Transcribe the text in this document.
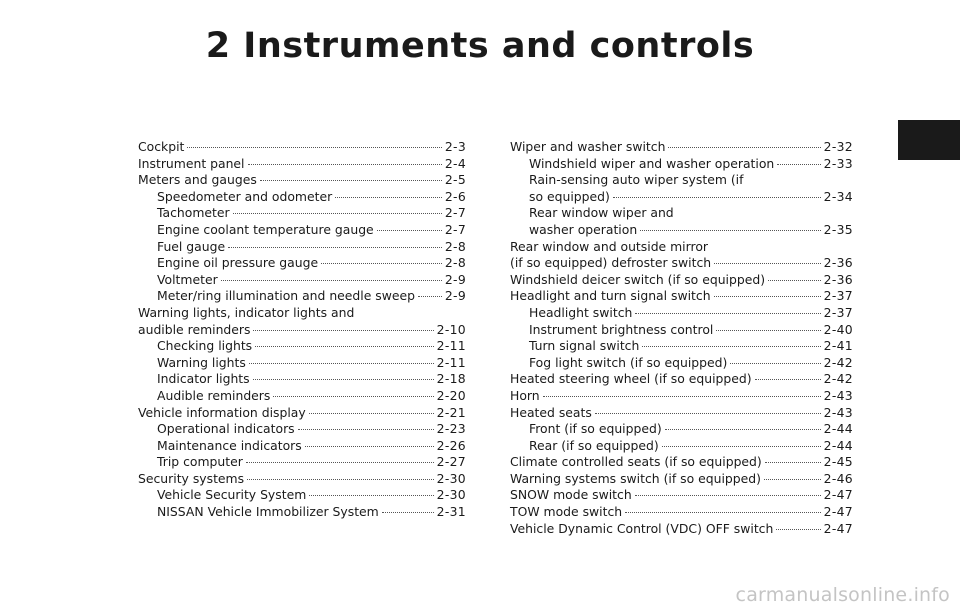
2 Instruments and controls
Cockpit	2-3
Instrument panel	2-4
Meters and gauges	2-5
Speedometer and odometer	2-6
Tachometer	2-7
Engine coolant temperature gauge	2-7
Fuel gauge	2-8
Engine oil pressure gauge	2-8
Voltmeter	2-9
Meter/ring illumination and needle sweep 2-9
Warning lights, indicator lights and
audible reminders	2-10
Checking lights	2-11
Warning lights	2-11
Indicator lights	2-18
Audible reminders	2-20
Vehicle information display	2-21
Operational indicators	2-23
Maintenance indicators	2-26
Trip computer	2-27
Security systems	2-30
Vehicle Security System	2-30
NISSAN Vehicle Immobilizer System	2-31
Wiper and washer switch	2-32
Windshield wiper and washer operation	2-33
Rain-sensing auto wiper system (if
so equipped)	2-34
Rear window wiper and
washer operation	2-35
Rear window and outside mirror
(if so equipped) defroster switch	2-36
Windshield deicer switch (if so equipped)	2-36
Headlight and turn signal switch	2-37
Headlight switch	2-37
Instrument brightness control	2-40
Turn signal switch	2-41
Fog light switch (if so equipped)	2-42
Heated steering wheel (if so equipped)	2-42
Horn	2-43
Heated seats	2-43
Front (if so equipped)	2-44
Rear (if so equipped)	2-44
Climate controlled seats (if so equipped)	2-45
Warning systems switch (if so equipped)	2-46
SNOW mode switch	2-47
TOW mode switch	2-47
Vehicle Dynamic Control (VDC) OFF switch	2-47
carmanualsonline.info
